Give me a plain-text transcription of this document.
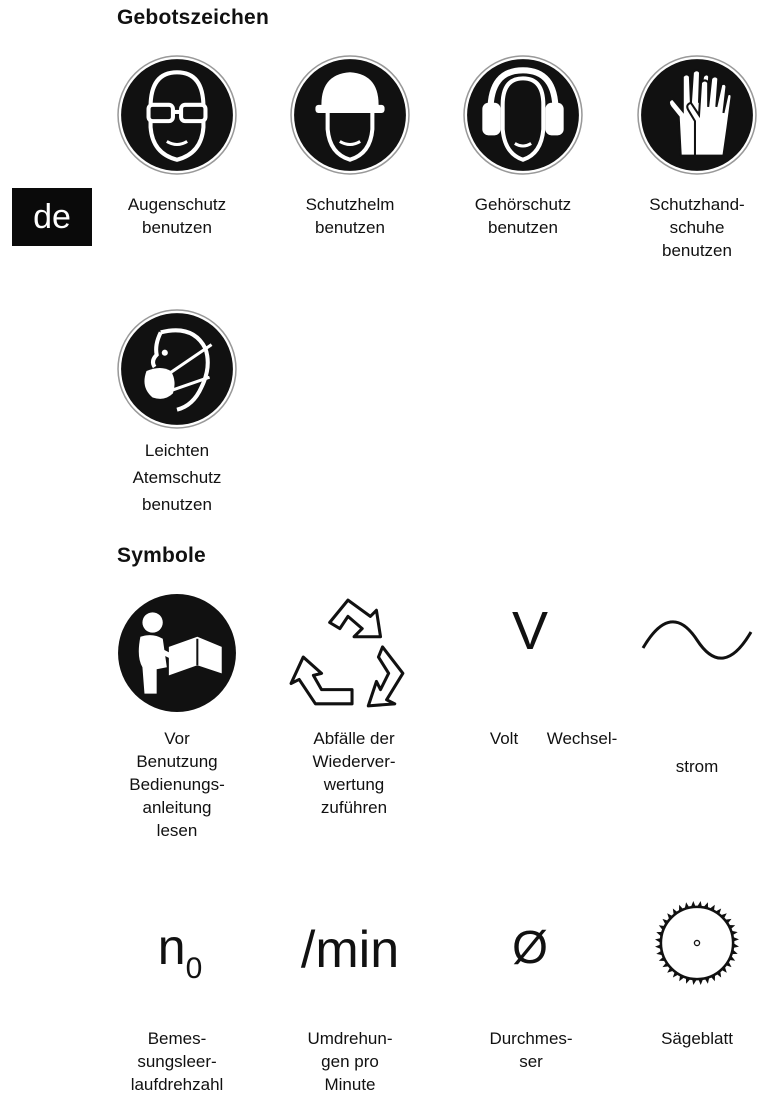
de
Gebotszeichen
Augenschutz
benutzen
Schutzhelm
benutzen
Gehörschutz
benutzen
Schutzhand-
schuhe
benutzen
Leichten
Atemschutz
benutzen
Symbole
Vor
Benutzung
Bedienungs-
anleitung
lesen
Abfälle der
Wiederver-
wertung
zuführen
V
Volt	Wechsel-
strom
$n_0$
Bemes-
sungsleer-
laufdrehzahl
/min
Umdrehun-
gen pro
Minute
Ø
Durchmes-
ser
Sägeblatt
